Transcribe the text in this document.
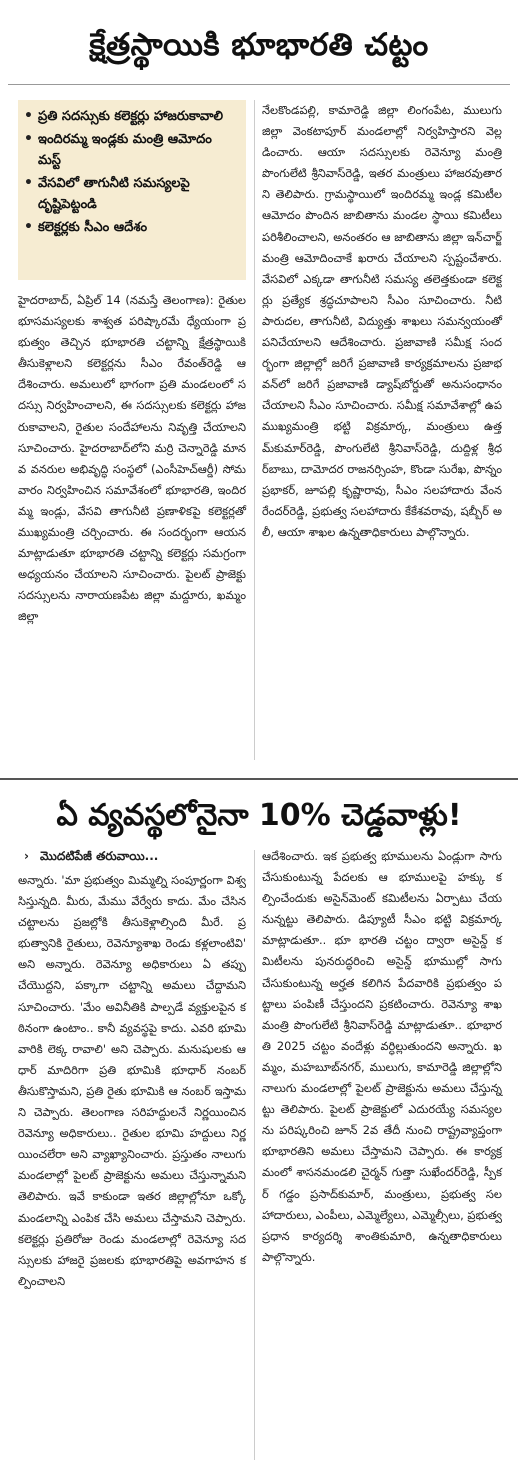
క్షేత్రస్థాయికి భూభారతి చట్టం
• ప్రతి సదస్సుకు కలెక్టర్లు హాజరుకావాలి
• ఇందిరమ్మ ఇండ్లకు మంత్రి ఆమోదం మస్ట్
• వేసవిలో తాగునీటి సమస్యలపై దృష్టిపెట్టండి
• కలెక్టర్లకు సీఎం ఆదేశం

హైదరాబాద్, ఏప్రిల్ 14 (నమస్తే తెలంగాణ): రైతుల భూసమస్యలకు శాశ్వత పరిష్కారమే ధ్యేయంగా ప్రభుత్వం తెచ్చిన భూభారతి చట్టాన్ని క్షేత్రస్థాయికి తీసుకెళ్లాలని కలెక్టర్లను సీఎం రేవంత్‌రెడ్డి ఆదేశించారు. అమలులో భాగంగా ప్రతి మండలంలో సదస్సు నిర్వహించాలని, ఈ సదస్సులకు కలెక్టర్లు హాజరుకావాలని, రైతుల సందేహాలను నివృత్తి చేయాలని సూచించారు. హైదరాబాద్‌లోని మర్రి చెన్నారెడ్డి మానవ వనరుల అభివృద్ధి సంస్థలో (ఎంసీహెచ్‌ఆర్డీ) సోమవారం నిర్వహించిన సమావేశంలో భూభారతి, ఇందిరమ్మ ఇండ్లు, వేసవి తాగునీటి ప్రణాళికపై కలెక్టర్లతో ముఖ్యమంత్రి చర్చించారు. ఈ సందర్భంగా ఆయన మాట్లాడుతూ భూభారతి చట్టాన్ని కలెక్టర్లు సమగ్రంగా అధ్యయనం చేయాలని సూచించారు. పైలట్ ప్రాజెక్టు సదస్సులను నారాయణపేట జిల్లా మద్దూరు, ఖమ్మం జిల్లా

నేలకొండపల్లి, కామారెడ్డి జిల్లా లింగంపేట, ములుగు జిల్లా వెంకటాపూర్ మండలాల్లో నిర్వహిస్తారని వెల్లడించారు. ఆయా సదస్సులకు రెవెన్యూ మంత్రి పొంగులేటి శ్రీనివాస్‌రెడ్డి, ఇతర మంత్రులు హాజరవుతారని తెలిపారు. గ్రామస్థాయిలో ఇందిరమ్మ ఇండ్ల కమిటీల ఆమోదం పొందిన జాబితాను మండల స్థాయి కమిటీలు పరిశీలించాలని, అనంతరం ఆ జాబితాను జిల్లా ఇన్‌చార్జ్ మంత్రి ఆమోదించాకే ఖరారు చేయాలని స్పష్టంచేశారు. వేసవిలో ఎక్కడా తాగునీటి సమస్య తలెత్తకుండా కలెక్టర్లు ప్రత్యేక శ్రద్ధచూపాలని సీఎం సూచించారు. నీటి పారుదల, తాగునీటి, విద్యుత్తు శాఖలు సమన్వయంతో పనిచేయాలని ఆదేశించారు. ప్రజావాణి సమీక్ష సందర్భంగా జిల్లాల్లో జరిగే ప్రజావాణి కార్యక్రమాలను ప్రజాభవన్‌లో జరిగే ప్రజావాణి డ్యాష్‌బోర్డుతో అనుసంధానం చేయాలని సీఎం సూచించారు. సమీక్ష సమావేశాల్లో ఉప ముఖ్యమంత్రి భట్టి విక్రమార్క, మంత్రులు ఉత్తమ్‌కుమార్‌రెడ్డి, పొంగులేటి శ్రీనివాస్‌రెడ్డి, దుద్దిళ్ల శ్రీధర్‌బాబు, దామోదర రాజనర్సింహ, కొండా సురేఖ, పొన్నం ప్రభాకర్, జూపల్లి కృష్ణారావు, సీఎం సలహాదారు వేంనరేందర్‌రెడ్డి, ప్రభుత్వ సలహాదారు కేకేశవరావు, షబ్బీర్ అలీ, ఆయా శాఖల ఉన్నతాధికారులు పాల్గొన్నారు.

ఏ వ్యవస్థలోనైనా 10% చెడ్డవాళ్లు!
› మొదటిపేజీ తరువాయి...

అన్నారు. 'మా ప్రభుత్వం మిమ్మల్ని సంపూర్ణంగా విశ్వసిస్తున్నది. మీరు, మేము వేర్వేరు కాదు. మేం చేసిన చట్టాలను ప్రజల్లోకి తీసుకెళ్లాల్సింది మీరే. ప్రభుత్వానికి రైతులు, రెవెన్యూశాఖ రెండు కళ్లలాంటివి' అని అన్నారు. రెవెన్యూ అధికారులు ఏ తప్పు చేయొద్దని, పక్కాగా చట్టాన్ని అమలు చేద్దామని సూచించారు. 'మేం అవినీతికి పాల్పడే వ్యక్తులపైన కఠినంగా ఉంటాం.. కానీ వ్యవస్థపై కాదు. ఎవరి భూమి వారికి లెక్క రావాలి' అని చెప్పారు. మనుషులకు ఆధార్ మాదిరిగా ప్రతి భూమికి భూధార్ నంబర్ తీసుకొస్తామని, ప్రతి రైతు భూమికి ఆ నంబర్ ఇస్తామని చెప్పారు. తెలంగాణ సరిహద్దులనే నిర్ణయించిన రెవెన్యూ అధికారులు.. రైతుల భూమి హద్దులు నిర్ణయించలేరా అని వ్యాఖ్యానించారు. ప్రస్తుతం నాలుగు మండలాల్లో పైలట్ ప్రాజెక్టును అమలు చేస్తున్నామని తెలిపారు. ఇవే కాకుండా ఇతర జిల్లాల్లోనూ ఒక్కో మండలాన్ని ఎంపిక చేసి అమలు చేస్తామని చెప్పారు. కలెక్టర్లు ప్రతిరోజు రెండు మండలాల్లో రెవెన్యూ సదస్సులకు హాజరై ప్రజలకు భూభారతిపై అవగాహన కల్పించాలని

ఆదేశించారు. ఇక ప్రభుత్వ భూములను ఏండ్లుగా సాగు చేసుకుంటున్న పేదలకు ఆ భూములపై హక్కు కల్పించేందుకు అసైన్‌మెంట్ కమిటీలను ఏర్పాటు చేయనున్నట్టు తెలిపారు. డిప్యూటీ సీఎం భట్టి విక్రమార్క మాట్లాడుతూ.. భూ భారతి చట్టం ద్వారా అసైన్డ్ కమిటీలను పునరుద్ధరించి అసైన్డ్ భూముల్లో సాగు చేసుకుంటున్న అర్హత కలిగిన పేదవారికి ప్రభుత్వం పట్టాలు పంపిణీ చేస్తుందని ప్రకటించారు. రెవెన్యూ శాఖ మంత్రి పొంగులేటి శ్రీనివాస్‌రెడ్డి మాట్లాడుతూ.. భూభారతి 2025 చట్టం వందేళ్లు వర్ధిల్లుతుందని అన్నారు. ఖమ్మం, మహబూబ్‌నగర్, ములుగు, కామారెడ్డి జిల్లాల్లోని నాలుగు మండలాల్లో పైలట్ ప్రాజెక్టును అమలు చేస్తున్నట్టు తెలిపారు. పైలట్ ప్రాజెక్టులో ఎదురయ్యే సమస్యలను పరిష్కరించి జూన్ 2వ తేదీ నుంచి రాష్ట్రవ్యాప్తంగా భూభారతిని అమలు చేస్తామని చెప్పారు. ఈ కార్యక్రమంలో శాసనమండలి చైర్మన్ గుత్తా సుఖేందర్‌రెడ్డి, స్పీకర్ గడ్డం ప్రసాద్‌కుమార్, మంత్రులు, ప్రభుత్వ సలహాదారులు, ఎంపీలు, ఎమ్మెల్యేలు, ఎమ్మెల్సీలు, ప్రభుత్వ ప్రధాన కార్యదర్శి శాంతికుమారి, ఉన్నతాధికారులు పాల్గొన్నారు.
